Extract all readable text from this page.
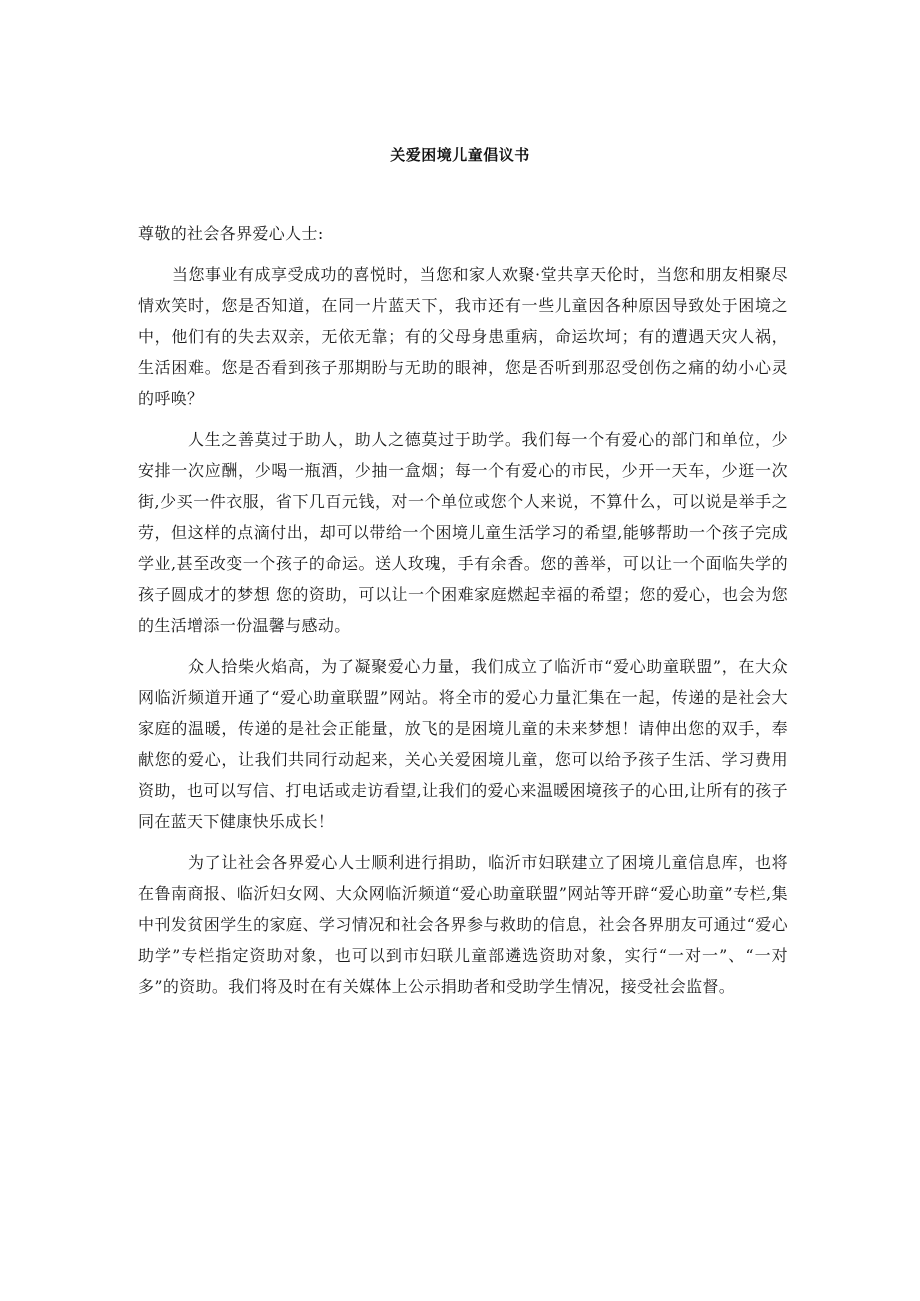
关爱困境儿童倡议书

尊敬的社会各界爱心人士:

当您事业有成享受成功的喜悦时，当您和家人欢聚·堂共享天伦时，当您和朋友相聚尽情欢笑时，您是否知道，在同一片蓝天下，我市还有一些儿童因各种原因导致处于困境之中，他们有的失去双亲，无依无靠；有的父母身患重病，命运坎坷；有的遭遇天灾人祸，生活困难。您是否看到孩子那期盼与无助的眼神，您是否听到那忍受创伤之痛的幼小心灵的呼唤？

人生之善莫过于助人，助人之德莫过于助学。我们每一个有爱心的部门和单位，少安排一次应酬，少喝一瓶酒，少抽一盒烟；每一个有爱心的市民，少开一天车，少逛一次街,少买一件衣服，省下几百元钱，对一个单位或您个人来说，不算什么，可以说是举手之劳，但这样的点滴付出，却可以带给一个困境儿童生活学习的希望,能够帮助一个孩子完成学业,甚至改变一个孩子的命运。送人玫瑰，手有余香。您的善举，可以让一个面临失学的孩子圆成才的梦想 您的资助，可以让一个困难家庭燃起幸福的希望；您的爱心，也会为您的生活增添一份温馨与感动。

众人拾柴火焰高，为了凝聚爱心力量，我们成立了临沂市“爱心助童联盟”，在大众网临沂频道开通了“爱心助童联盟”网站。将全市的爱心力量汇集在一起，传递的是社会大家庭的温暖，传递的是社会正能量，放飞的是困境儿童的未来梦想！请伸出您的双手，奉献您的爱心，让我们共同行动起来，关心关爱困境儿童，您可以给予孩子生活、学习费用资助，也可以写信、打电话或走访看望,让我们的爱心来温暖困境孩子的心田,让所有的孩子同在蓝天下健康快乐成长！

为了让社会各界爱心人士顺利进行捐助，临沂市妇联建立了困境儿童信息库，也将在鲁南商报、临沂妇女网、大众网临沂频道“爱心助童联盟”网站等开辟“爱心助童”专栏,集中刊发贫困学生的家庭、学习情况和社会各界参与救助的信息，社会各界朋友可通过“爱心助学”专栏指定资助对象，也可以到市妇联儿童部遴选资助对象，实行“一对一”、“一对多”的资助。我们将及时在有关媒体上公示捐助者和受助学生情况，接受社会监督。
